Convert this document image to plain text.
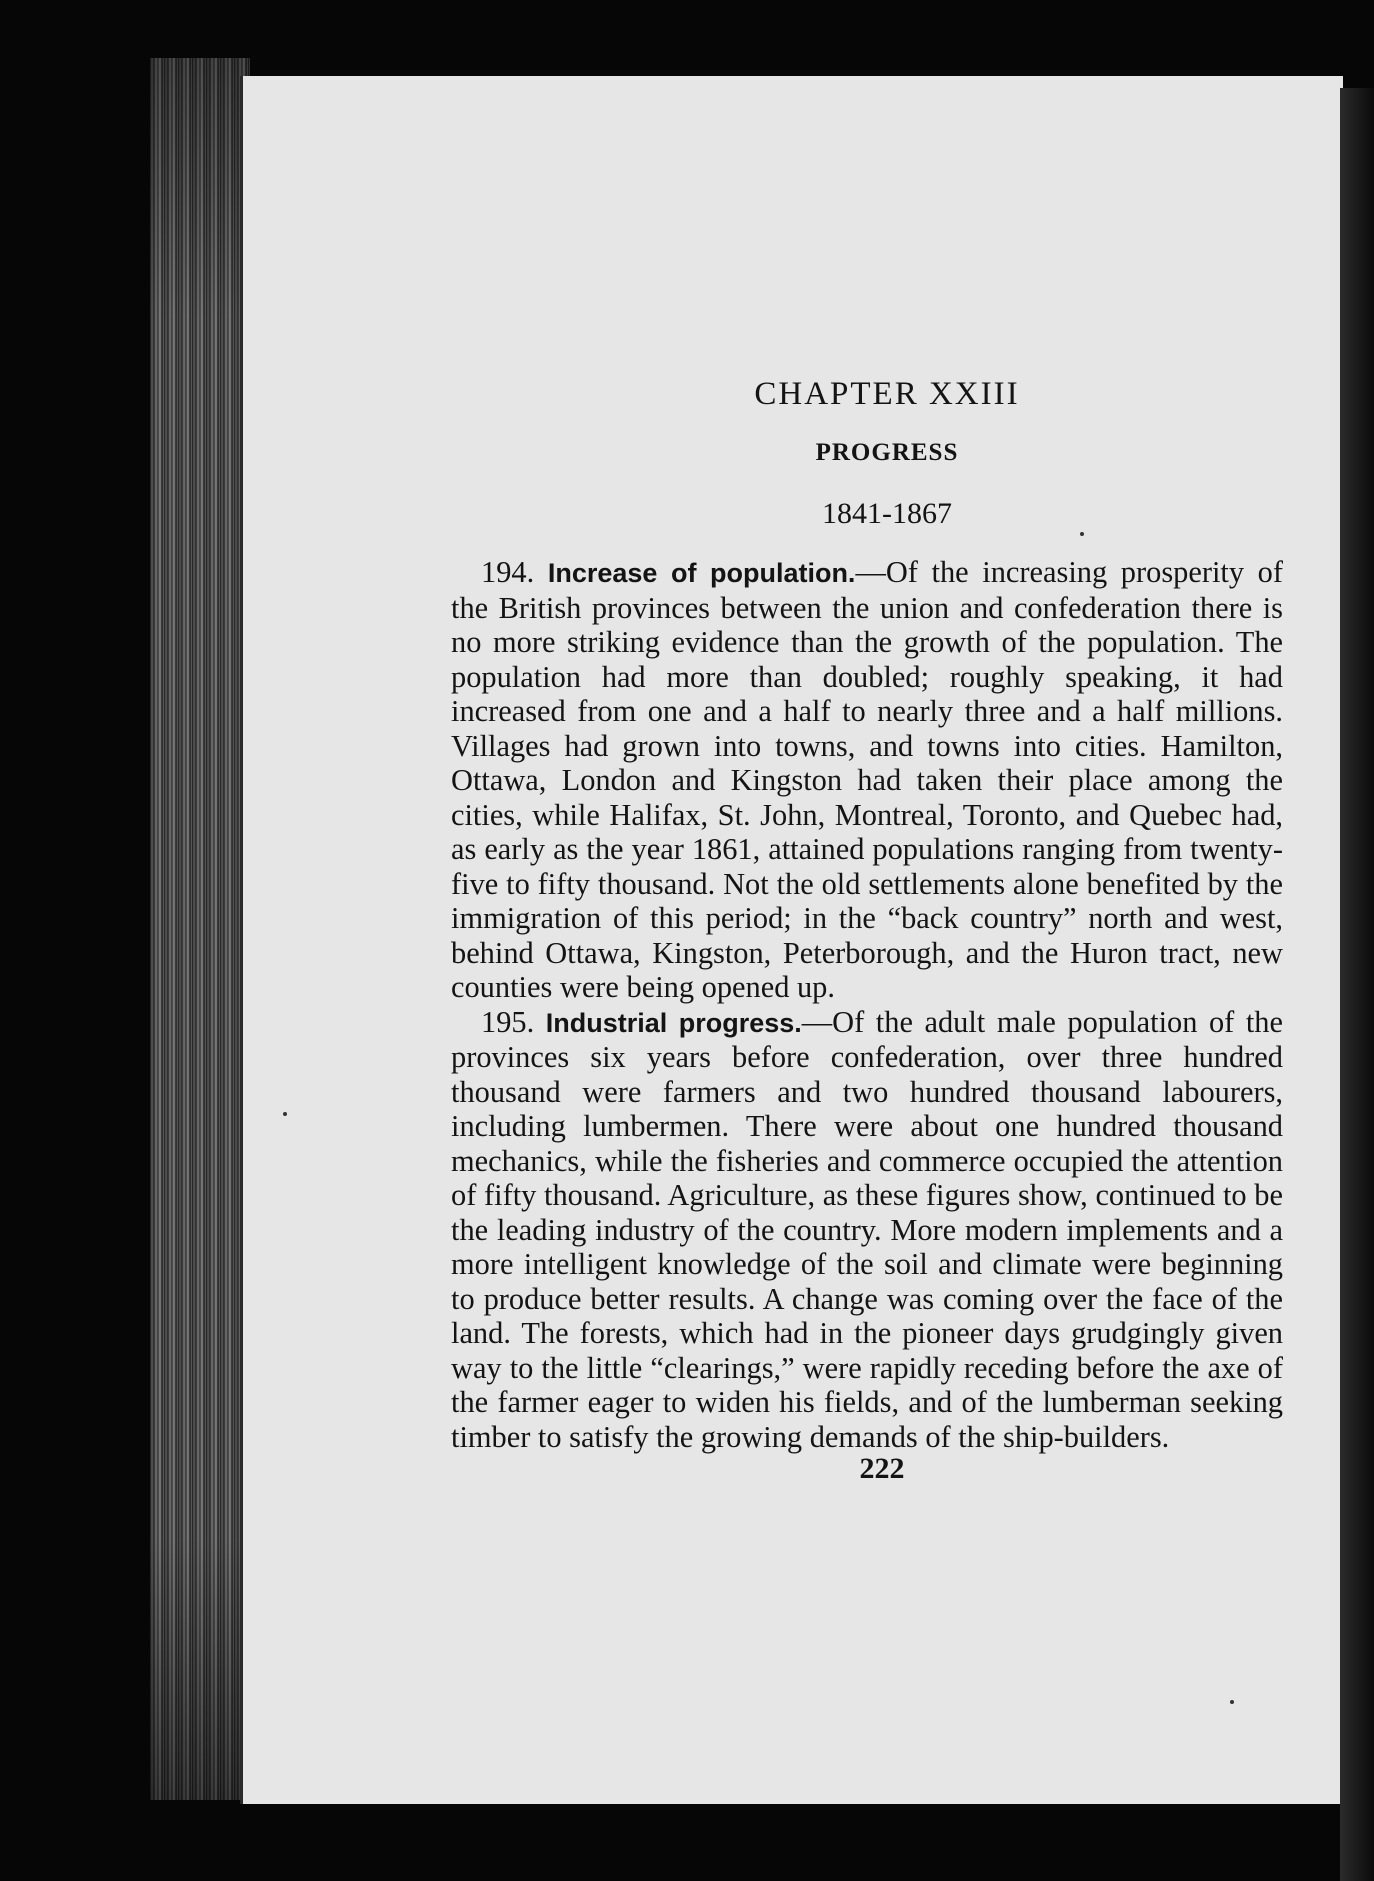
CHAPTER XXIII

PROGRESS

1841-1867

194. Increase of population.—Of the increasing prosperity of the British provinces between the union and confederation there is no more striking evidence than the growth of the population. The population had more than doubled; roughly speaking, it had increased from one and a half to nearly three and a half millions. Villages had grown into towns, and towns into cities. Hamilton, Ottawa, London and Kingston had taken their place among the cities, while Halifax, St. John, Montreal, Toronto, and Quebec had, as early as the year 1861, attained populations ranging from twenty-five to fifty thousand. Not the old settlements alone benefited by the immigration of this period; in the “back country” north and west, behind Ottawa, Kingston, Peterborough, and the Huron tract, new counties were being opened up.

195. Industrial progress.—Of the adult male population of the provinces six years before confederation, over three hundred thousand were farmers and two hundred thousand labourers, including lumbermen. There were about one hundred thousand mechanics, while the fisheries and commerce occupied the attention of fifty thousand. Agriculture, as these figures show, continued to be the leading industry of the country. More modern implements and a more intelligent knowledge of the soil and climate were beginning to produce better results. A change was coming over the face of the land. The forests, which had in the pioneer days grudgingly given way to the little “clearings,” were rapidly receding before the axe of the farmer eager to widen his fields, and of the lumberman seeking timber to satisfy the growing demands of the ship-builders.

222
